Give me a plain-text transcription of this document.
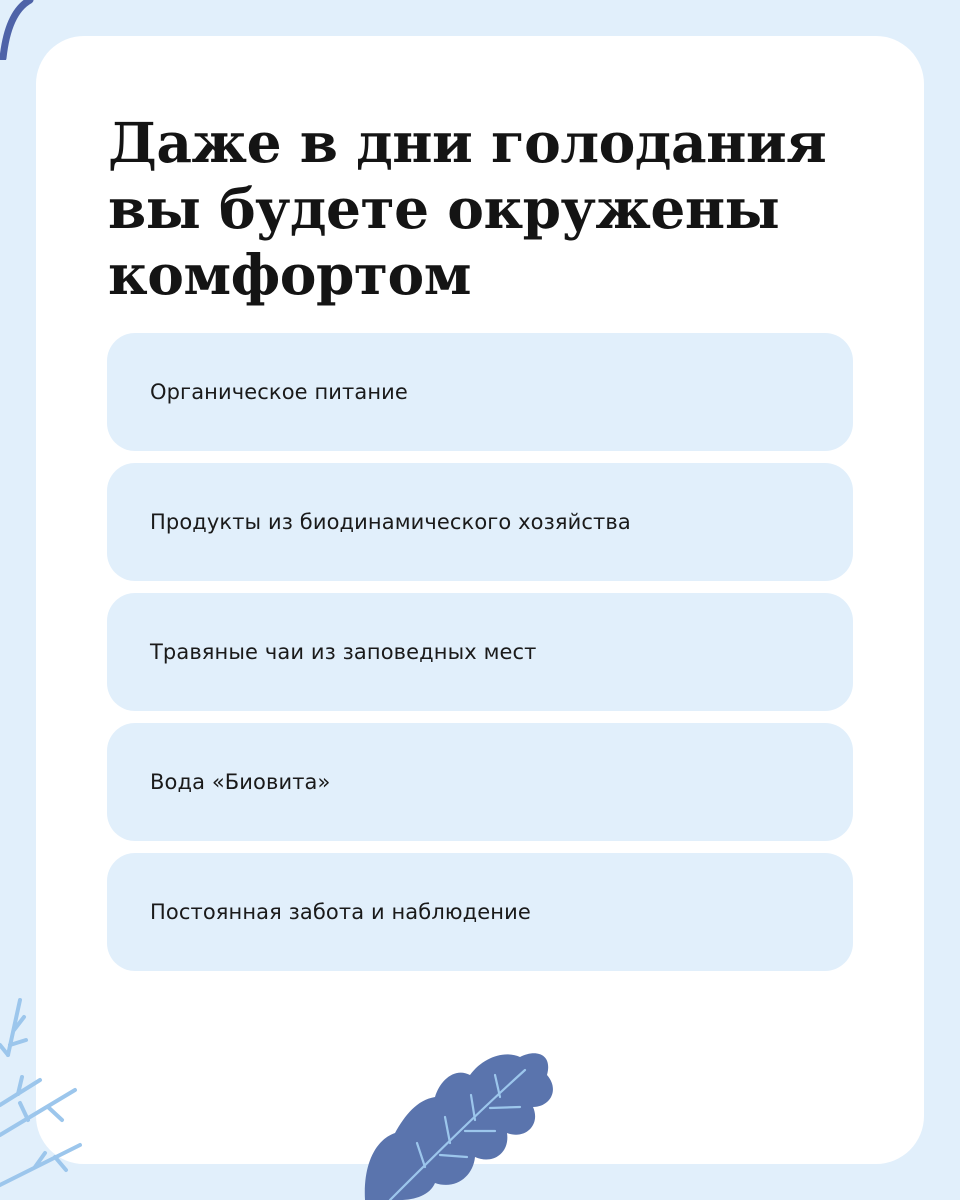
Даже в дни голодания
вы будете окружены
комфортом
Органическое питание
Продукты из биодинамического хозяйства
Травяные чаи из заповедных мест
Вода «Биовита»
Постоянная забота и наблюдение
